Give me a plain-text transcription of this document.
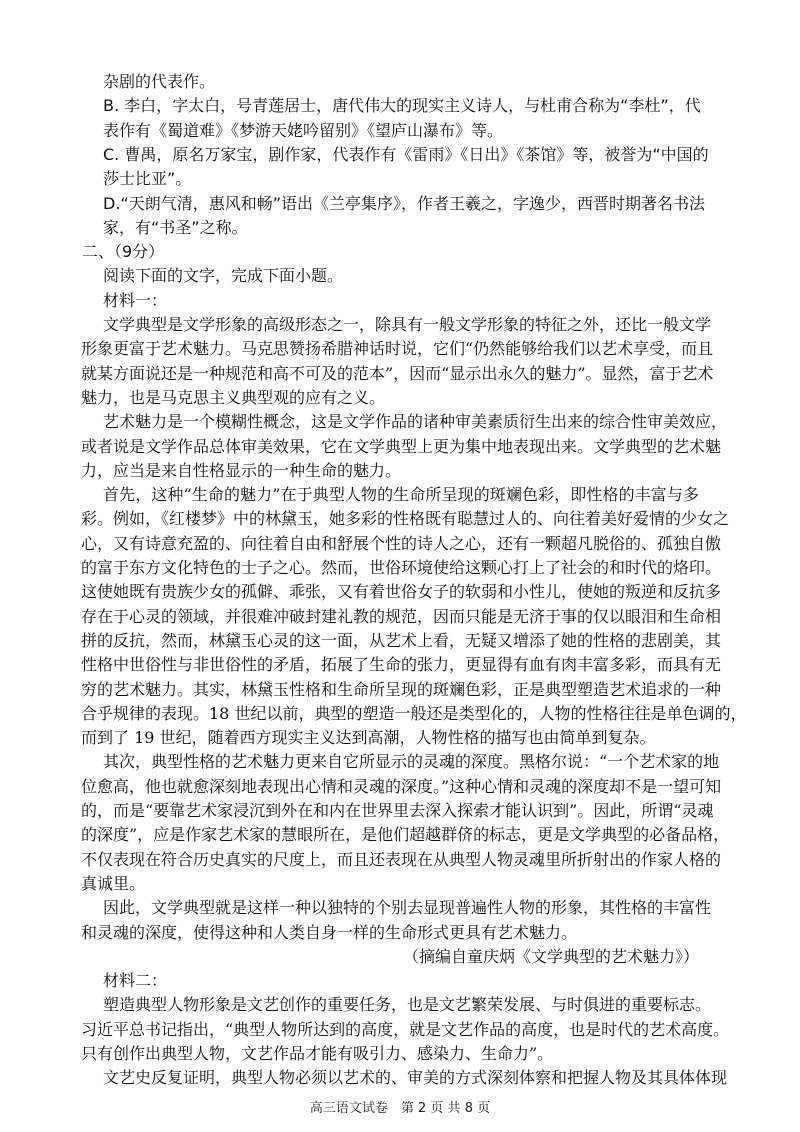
杂剧的代表作。
B. 李白，字太白，号青莲居士，唐代伟大的现实主义诗人，与杜甫合称为“李杜”，代
表作有《蜀道难》《梦游天姥吟留别》《望庐山瀑布》等。
C. 曹禺，原名万家宝，剧作家，代表作有《雷雨》《日出》《茶馆》等，被誉为“中国的
莎士比亚”。
D.“天朗气清，惠风和畅”语出《兰亭集序》，作者王羲之，字逸少，西晋时期著名书法
家，有“书圣”之称。
二、（9分）
阅读下面的文字，完成下面小题。
材料一：
文学典型是文学形象的高级形态之一，除具有一般文学形象的特征之外，还比一般文学
形象更富于艺术魅力。马克思赞扬希腊神话时说，它们“仍然能够给我们以艺术享受，而且
就某方面说还是一种规范和高不可及的范本”，因而“显示出永久的魅力”。显然，富于艺术
魅力，也是马克思主义典型观的应有之义。
艺术魅力是一个模糊性概念，这是文学作品的诸种审美素质衍生出来的综合性审美效应，
或者说是文学作品总体审美效果，它在文学典型上更为集中地表现出来。文学典型的艺术魅
力，应当是来自性格显示的一种生命的魅力。
首先，这种“生命的魅力”在于典型人物的生命所呈现的斑斓色彩，即性格的丰富与多
彩。例如，《红楼梦》中的林黛玉，她多彩的性格既有聪慧过人的、向往着美好爱情的少女之
心，又有诗意充盈的、向往着自由和舒展个性的诗人之心，还有一颗超凡脱俗的、孤独自傲
的富于东方文化特色的士子之心。然而，世俗环境使给这颗心打上了社会的和时代的烙印。
这使她既有贵族少女的孤僻、乖张，又有着世俗女子的软弱和小性儿，使她的叛逆和反抗多
存在于心灵的领域，并很难冲破封建礼教的规范，因而只能是无济于事的仅以眼泪和生命相
拼的反抗，然而，林黛玉心灵的这一面，从艺术上看，无疑又增添了她的性格的悲剧美，其
性格中世俗性与非世俗性的矛盾，拓展了生命的张力，更显得有血有肉丰富多彩，而具有无
穷的艺术魅力。其实，林黛玉性格和生命所呈现的斑斓色彩，正是典型塑造艺术追求的一种
合乎规律的表现。18 世纪以前，典型的塑造一般还是类型化的，人物的性格往往是单色调的，
而到了 19 世纪，随着西方现实主义达到高潮，人物性格的描写也由简单到复杂。
其次，典型性格的艺术魅力更来自它所显示的灵魂的深度。黑格尔说：“一个艺术家的地
位愈高，他也就愈深刻地表现出心情和灵魂的深度。”这种心情和灵魂的深度却不是一望可知
的，而是“要靠艺术家浸沉到外在和内在世界里去深入探索才能认识到”。因此，所谓“灵魂
的深度”，应是作家艺术家的慧眼所在，是他们超越群侪的标志，更是文学典型的必备品格，
不仅表现在符合历史真实的尺度上，而且还表现在从典型人物灵魂里所折射出的作家人格的
真诚里。
因此，文学典型就是这样一种以独特的个别去显现普遍性人物的形象，其性格的丰富性
和灵魂的深度，使得这种和人类自身一样的生命形式更具有艺术魅力。
（摘编自童庆炳《文学典型的艺术魅力》）
材料二：
塑造典型人物形象是文艺创作的重要任务，也是文艺繁荣发展、与时俱进的重要标志。
习近平总书记指出，“典型人物所达到的高度，就是文艺作品的高度，也是时代的艺术高度。
只有创作出典型人物，文艺作品才能有吸引力、感染力、生命力”。
文艺史反复证明，典型人物必须以艺术的、审美的方式深刻体察和把握人物及其具体体现
高三语文试卷　第 2 页 共 8 页
